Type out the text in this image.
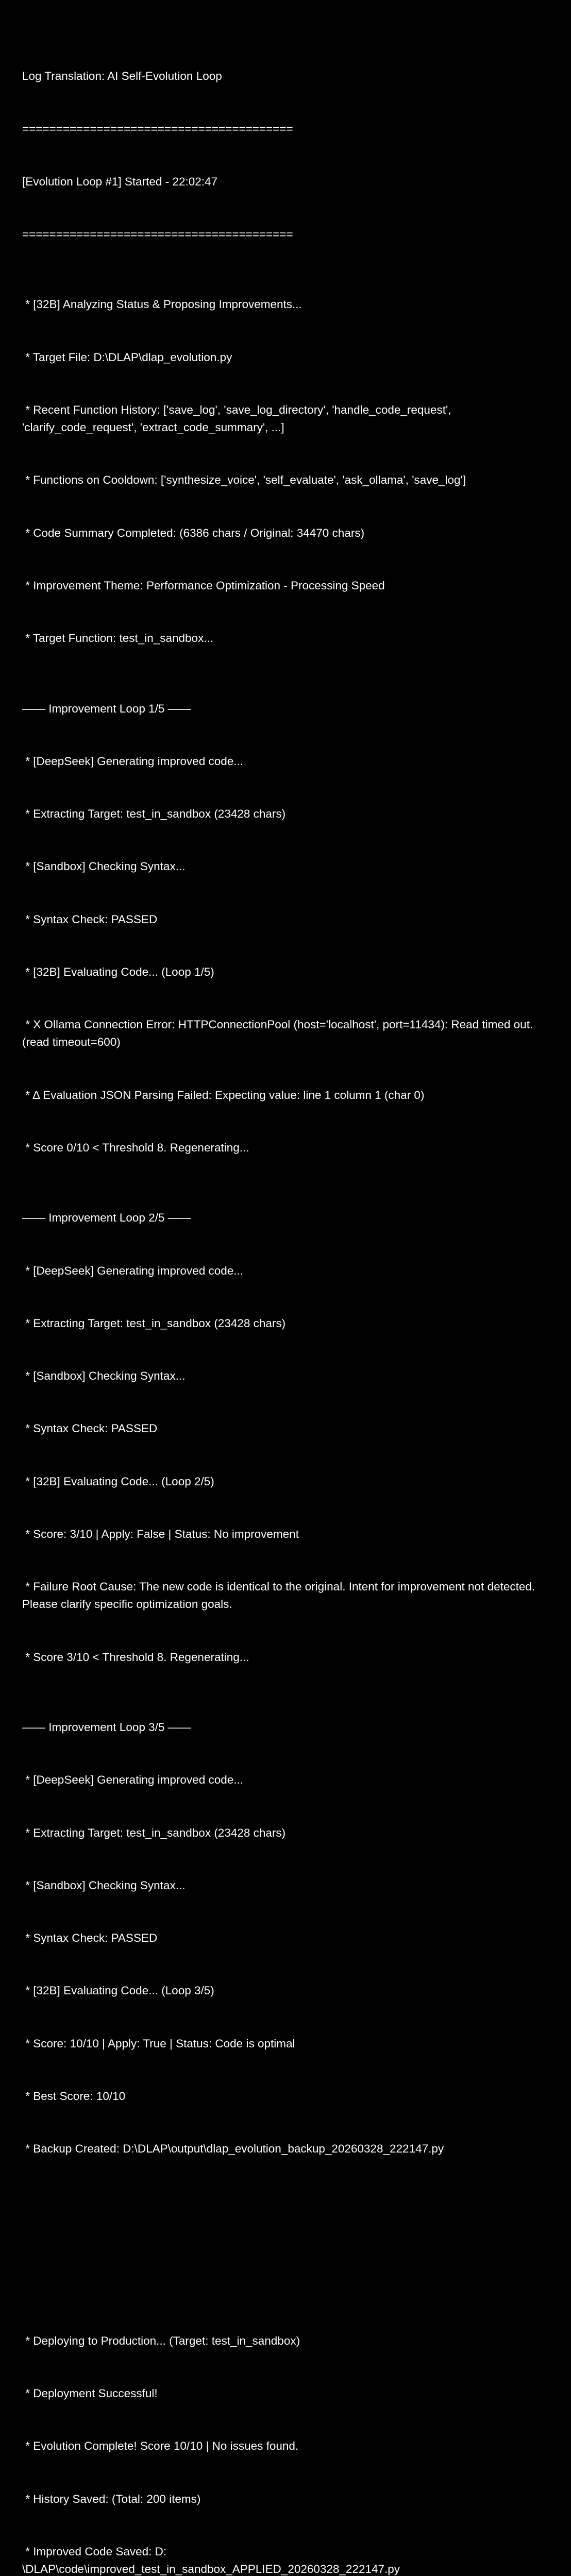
Log Translation: AI Self-Evolution Loop

========================================

[Evolution Loop #1] Started - 22:02:47

========================================

* [32B] Analyzing Status & Proposing Improvements...

* Target File: D:\DLAP\dlap_evolution.py

* Recent Function History: ['save_log', 'save_log_directory', 'handle_code_request', 'clarify_code_request', 'extract_code_summary', ...]

* Functions on Cooldown: ['synthesize_voice', 'self_evaluate', 'ask_ollama', 'save_log']

* Code Summary Completed: (6386 chars / Original: 34470 chars)

* Improvement Theme: Performance Optimization - Processing Speed

* Target Function: test_in_sandbox...

—— Improvement Loop 1/5 ——

* [DeepSeek] Generating improved code...

* Extracting Target: test_in_sandbox (23428 chars)

* [Sandbox] Checking Syntax...

* Syntax Check: PASSED

* [32B] Evaluating Code... (Loop 1/5)

* X Ollama Connection Error: HTTPConnectionPool (host='localhost', port=11434): Read timed out. (read timeout=600)

* Δ Evaluation JSON Parsing Failed: Expecting value: line 1 column 1 (char 0)

* Score 0/10 < Threshold 8. Regenerating...

—— Improvement Loop 2/5 ——

* [DeepSeek] Generating improved code...

* Extracting Target: test_in_sandbox (23428 chars)

* [Sandbox] Checking Syntax...

* Syntax Check: PASSED

* [32B] Evaluating Code... (Loop 2/5)

* Score: 3/10 | Apply: False | Status: No improvement

* Failure Root Cause: The new code is identical to the original. Intent for improvement not detected. Please clarify specific optimization goals.

* Score 3/10 < Threshold 8. Regenerating...

—— Improvement Loop 3/5 ——

* [DeepSeek] Generating improved code...

* Extracting Target: test_in_sandbox (23428 chars)

* [Sandbox] Checking Syntax...

* Syntax Check: PASSED

* [32B] Evaluating Code... (Loop 3/5)

* Score: 10/10 | Apply: True | Status: Code is optimal

* Best Score: 10/10

* Backup Created: D:\DLAP\output\dlap_evolution_backup_20260328_222147.py

* Deploying to Production... (Target: test_in_sandbox)

* Deployment Successful!

* Evolution Complete! Score 10/10 | No issues found.

* History Saved: (Total: 200 items)

* Improved Code Saved: D:
\DLAP\code\improved_test_in_sandbox_APPLIED_20260328_222147.py
